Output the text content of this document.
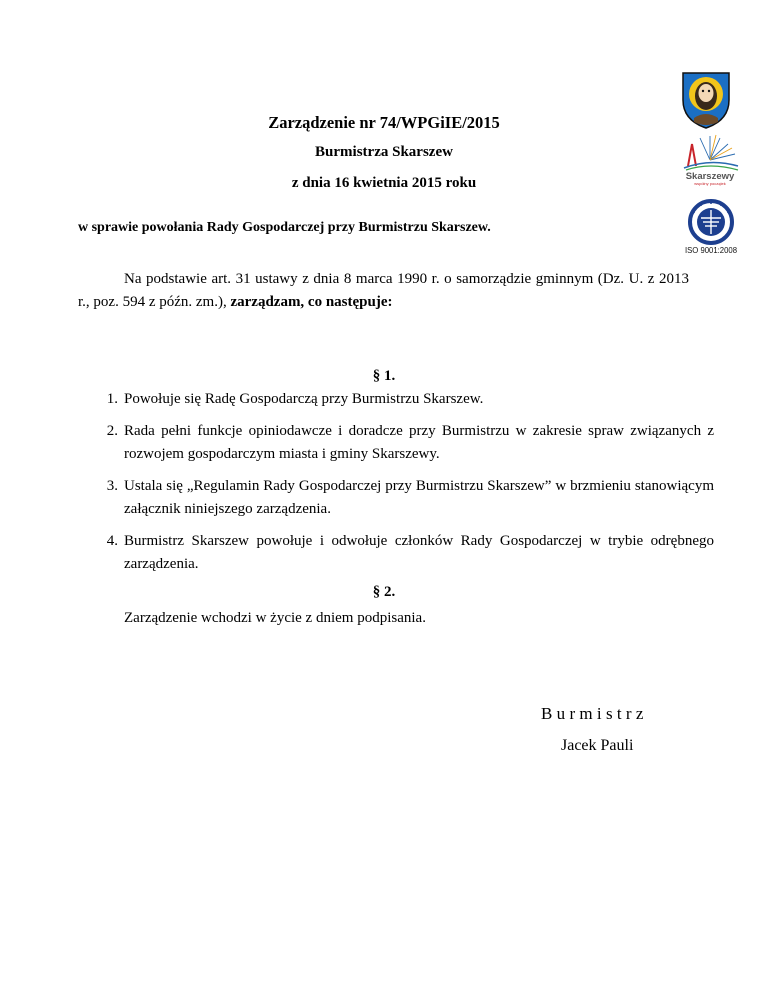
Zarządzenie nr 74/WPGiIE/2015
Burmistrza Skarszew
z dnia 16 kwietnia 2015 roku
w sprawie powołania Rady Gospodarczej przy Burmistrzu Skarszew.
Na podstawie art. 31 ustawy z dnia 8 marca 1990 r. o samorządzie gminnym (Dz. U. z 2013 r., poz. 594 z późn. zm.), zarządzam, co następuje:
§ 1.
1. Powołuje się Radę Gospodarczą przy Burmistrzu Skarszew.
2. Rada pełni funkcje opiniodawcze i doradcze przy Burmistrzu w zakresie spraw związanych z rozwojem gospodarczym miasta i gminy Skarszewy.
3. Ustala się „Regulamin Rady Gospodarczej przy Burmistrzu Skarszew” w brzmieniu stanowiącym załącznik niniejszego zarządzenia.
4. Burmistrz Skarszew powołuje i odwołuje członków Rady Gospodarczej w trybie odrębnego zarządzenia.
§ 2.
Zarządzenie wchodzi w życie z dniem podpisania.
Burmistrz
Jacek Pauli
Skarszewy
wspólny początek
ISO 9001:2008
